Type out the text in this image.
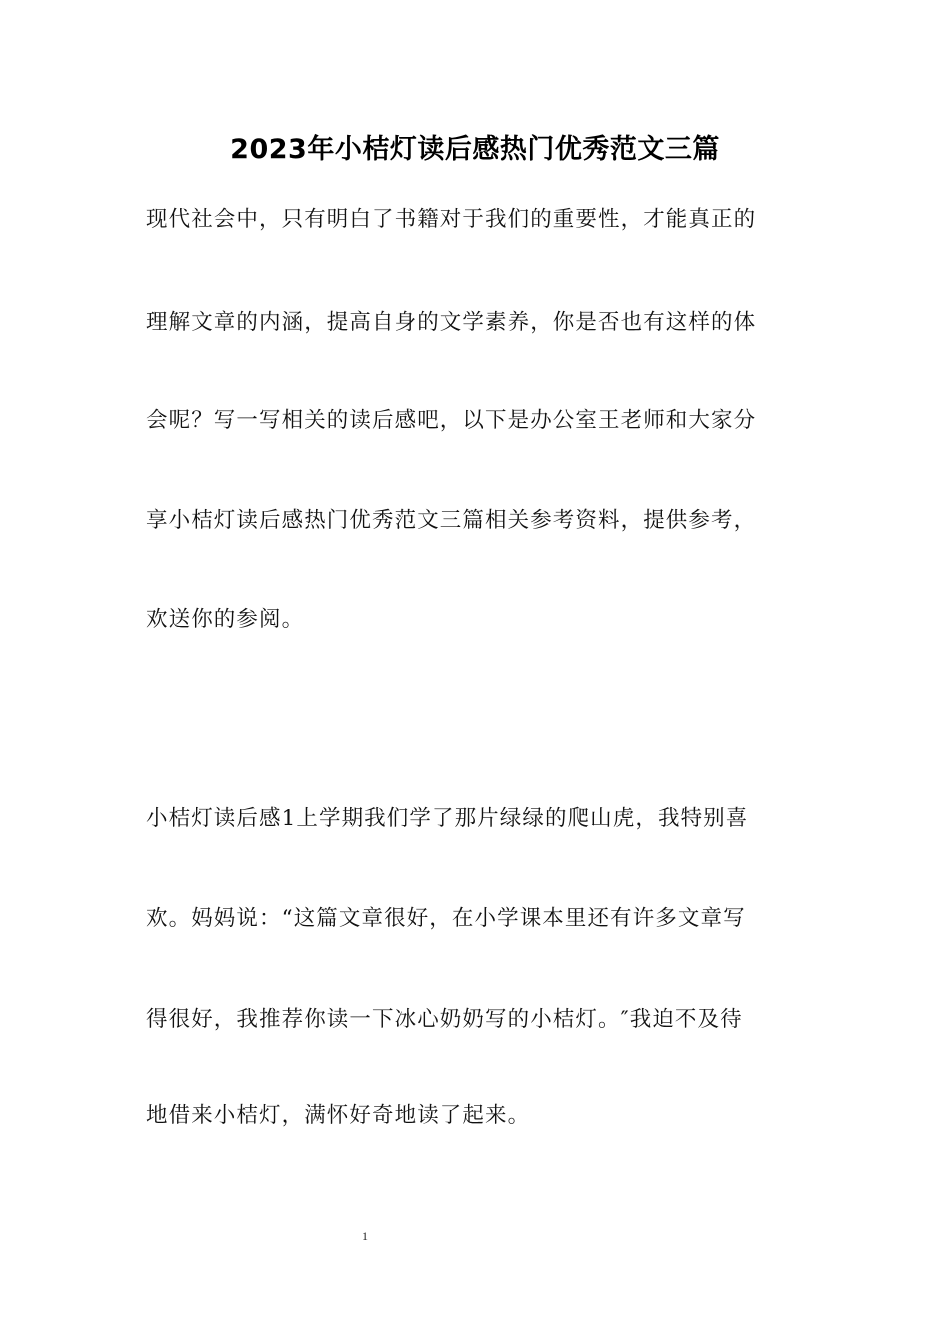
2023年小桔灯读后感热门优秀范文三篇
现代社会中，只有明白了书籍对于我们的重要性，才能真正的
理解文章的内涵，提高自身的文学素养，你是否也有这样的体
会呢？写一写相关的读后感吧，以下是办公室王老师和大家分
享小桔灯读后感热门优秀范文三篇相关参考资料，提供参考，
欢送你的参阅。
小桔灯读后感1上学期我们学了那片绿绿的爬山虎，我特别喜
欢。妈妈说：“这篇文章很好，在小学课本里还有许多文章写
得很好，我推荐你读一下冰心奶奶写的小桔灯。″我迫不及待
地借来小桔灯，满怀好奇地读了起来。
1
